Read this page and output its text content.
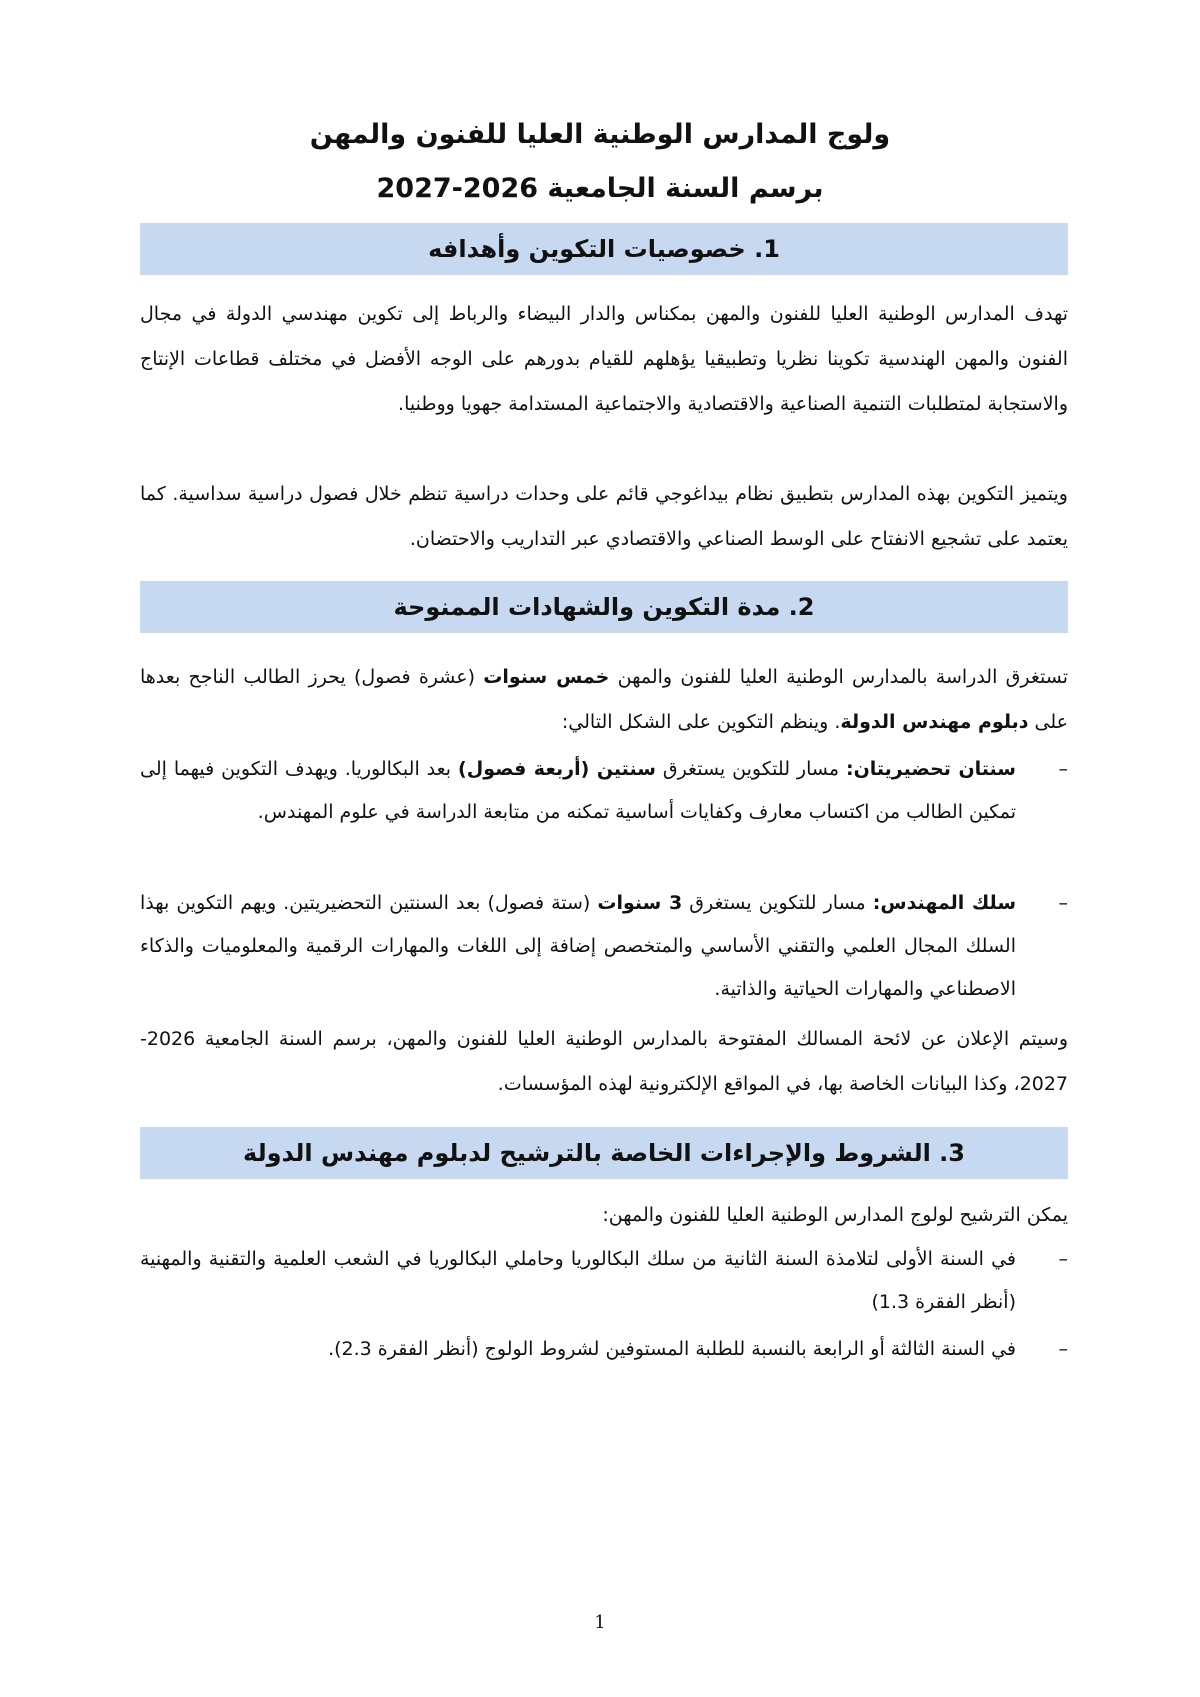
ولوج المدارس الوطنية العليا للفنون والمهن

برسم السنة الجامعية 2026-2027

1. خصوصيات التكوين وأهدافه

تهدف المدارس الوطنية العليا للفنون والمهن بمكناس والدار البيضاء والرباط إلى تكوين مهندسي الدولة في مجال الفنون والمهن الهندسية تكوينا نظريا وتطبيقيا يؤهلهم للقيام بدورهم على الوجه الأفضل في مختلف قطاعات الإنتاج والاستجابة لمتطلبات التنمية الصناعية والاقتصادية والاجتماعية المستدامة جهويا ووطنيا.

ويتميز التكوين بهذه المدارس بتطبيق نظام بيداغوجي قائم على وحدات دراسية تنظم خلال فصول دراسية سداسية. كما يعتمد على تشجيع الانفتاح على الوسط الصناعي والاقتصادي عبر التداريب والاحتضان.

2. مدة التكوين والشهادات الممنوحة

تستغرق الدراسة بالمدارس الوطنية العليا للفنون والمهن خمس سنوات (عشرة فصول) يحرز الطالب الناجح بعدها على دبلوم مهندس الدولة. وينظم التكوين على الشكل التالي:

–
سنتان تحضيريتان: مسار للتكوين يستغرق سنتين (أربعة فصول) بعد البكالوريا. ويهدف التكوين فيهما إلى تمكين الطالب من اكتساب معارف وكفايات أساسية تمكنه من متابعة الدراسة في علوم المهندس.
–
سلك المهندس: مسار للتكوين يستغرق 3 سنوات (ستة فصول) بعد السنتين التحضيريتين. ويهم التكوين بهذا السلك المجال العلمي والتقني الأساسي والمتخصص إضافة إلى اللغات والمهارات الرقمية والمعلوميات والذكاء الاصطناعي والمهارات الحياتية والذاتية.

وسيتم الإعلان عن لائحة المسالك المفتوحة بالمدارس الوطنية العليا للفنون والمهن، برسم السنة الجامعية 2026-2027، وكذا البيانات الخاصة بها، في المواقع الإلكترونية لهذه المؤسسات.

3. الشروط والإجراءات الخاصة بالترشيح لدبلوم مهندس الدولة

يمكن الترشيح لولوج المدارس الوطنية العليا للفنون والمهن:

–
في السنة الأولى لتلامذة السنة الثانية من سلك البكالوريا وحاملي البكالوريا في الشعب العلمية والتقنية والمهنية (أنظر الفقرة 1.3)
–
في السنة الثالثة أو الرابعة بالنسبة للطلبة المستوفين لشروط الولوج (أنظر الفقرة 2.3).
1
